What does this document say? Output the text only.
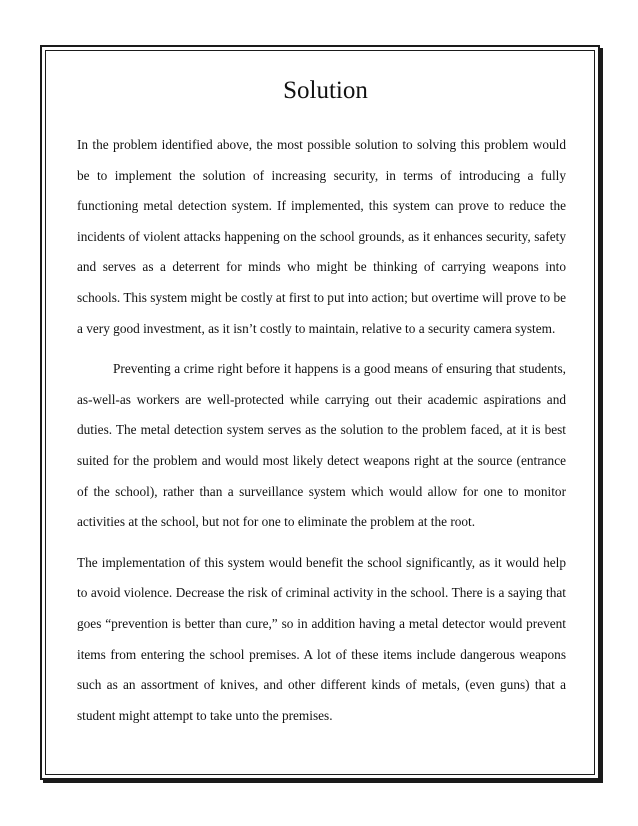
Solution

In the problem identified above, the most possible solution to solving this problem would be to implement the solution of increasing security, in terms of introducing a fully functioning metal detection system. If implemented, this system can prove to reduce the incidents of violent attacks happening on the school grounds, as it enhances security, safety and serves as a deterrent for minds who might be thinking of carrying weapons into schools. This system might be costly at first to put into action; but overtime will prove to be a very good investment, as it isn’t costly to maintain, relative to a security camera system.

Preventing a crime right before it happens is a good means of ensuring that students, as-well-as workers are well-protected while carrying out their academic aspirations and duties. The metal detection system serves as the solution to the problem faced, at it is best suited for the problem and would most likely detect weapons right at the source (entrance of the school), rather than a surveillance system which would allow for one to monitor activities at the school, but not for one to eliminate the problem at the root.

The implementation of this system would benefit the school significantly, as it would help to avoid violence. Decrease the risk of criminal activity in the school. There is a saying that goes “prevention is better than cure,” so in addition having a metal detector would prevent items from entering the school premises. A lot of these items include dangerous weapons such as an assortment of knives, and other different kinds of metals, (even guns) that a student might attempt to take unto the premises.
